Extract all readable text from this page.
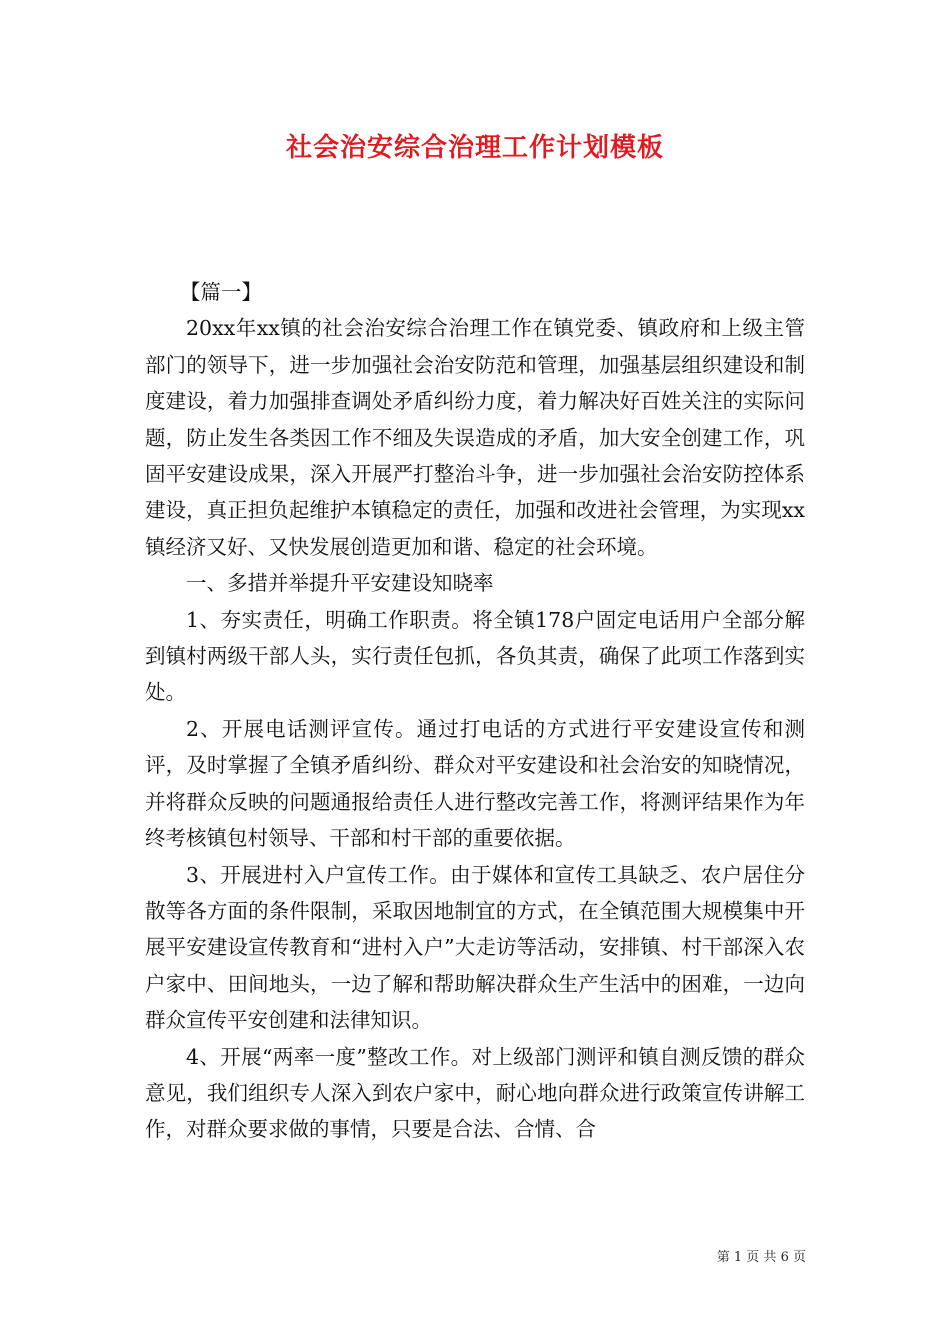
社会治安综合治理工作计划模板

【篇一】

20xx年xx镇的社会治安综合治理工作在镇党委、镇政府和上级主管部门的领导下，进一步加强社会治安防范和管理，加强基层组织建设和制度建设，着力加强排查调处矛盾纠纷力度，着力解决好百姓关注的实际问题，防止发生各类因工作不细及失误造成的矛盾，加大安全创建工作，巩固平安建设成果，深入开展严打整治斗争，进一步加强社会治安防控体系建设，真正担负起维护本镇稳定的责任，加强和改进社会管理，为实现xx镇经济又好、又快发展创造更加和谐、稳定的社会环境。

一、多措并举提升平安建设知晓率

1、夯实责任，明确工作职责。将全镇178户固定电话用户全部分解到镇村两级干部人头，实行责任包抓，各负其责，确保了此项工作落到实处。

2、开展电话测评宣传。通过打电话的方式进行平安建设宣传和测评，及时掌握了全镇矛盾纠纷、群众对平安建设和社会治安的知晓情况，并将群众反映的问题通报给责任人进行整改完善工作，将测评结果作为年终考核镇包村领导、干部和村干部的重要依据。

3、开展进村入户宣传工作。由于媒体和宣传工具缺乏、农户居住分散等各方面的条件限制，采取因地制宜的方式，在全镇范围大规模集中开展平安建设宣传教育和“进村入户”大走访等活动，安排镇、村干部深入农户家中、田间地头，一边了解和帮助解决群众生产生活中的困难，一边向群众宣传平安创建和法律知识。

4、开展“两率一度”整改工作。对上级部门测评和镇自测反馈的群众意见，我们组织专人深入到农户家中，耐心地向群众进行政策宣传讲解工作，对群众要求做的事情，只要是合法、合情、合

第 1 页 共 6 页
